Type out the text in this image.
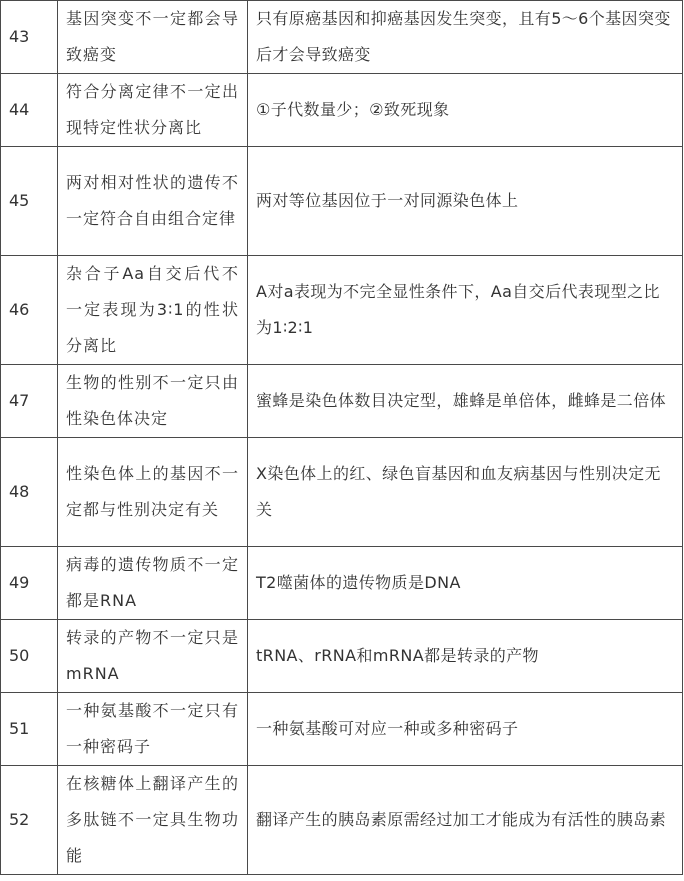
43	基因突变不一定都会导致癌变	只有原癌基因和抑癌基因发生突变，且有5～6个基因突变后才会导致癌变
44	符合分离定律不一定出现特定性状分离比	①子代数量少；②致死现象
45	两对相对性状的遗传不一定符合自由组合定律	两对等位基因位于一对同源染色体上
46	杂合子Aa自交后代不一定表现为3∶1的性状分离比	A对a表现为不完全显性条件下，Aa自交后代表现型之比为1∶2∶1
47	生物的性别不一定只由性染色体决定	蜜蜂是染色体数目决定型，雄蜂是单倍体，雌蜂是二倍体
48	性染色体上的基因不一定都与性别决定有关	X染色体上的红、绿色盲基因和血友病基因与性别决定无关
49	病毒的遗传物质不一定都是RNA	T2噬菌体的遗传物质是DNA
50	转录的产物不一定只是mRNA	tRNA、rRNA和mRNA都是转录的产物
51	一种氨基酸不一定只有一种密码子	一种氨基酸可对应一种或多种密码子
52	在核糖体上翻译产生的多肽链不一定具生物功能	翻译产生的胰岛素原需经过加工才能成为有活性的胰岛素
